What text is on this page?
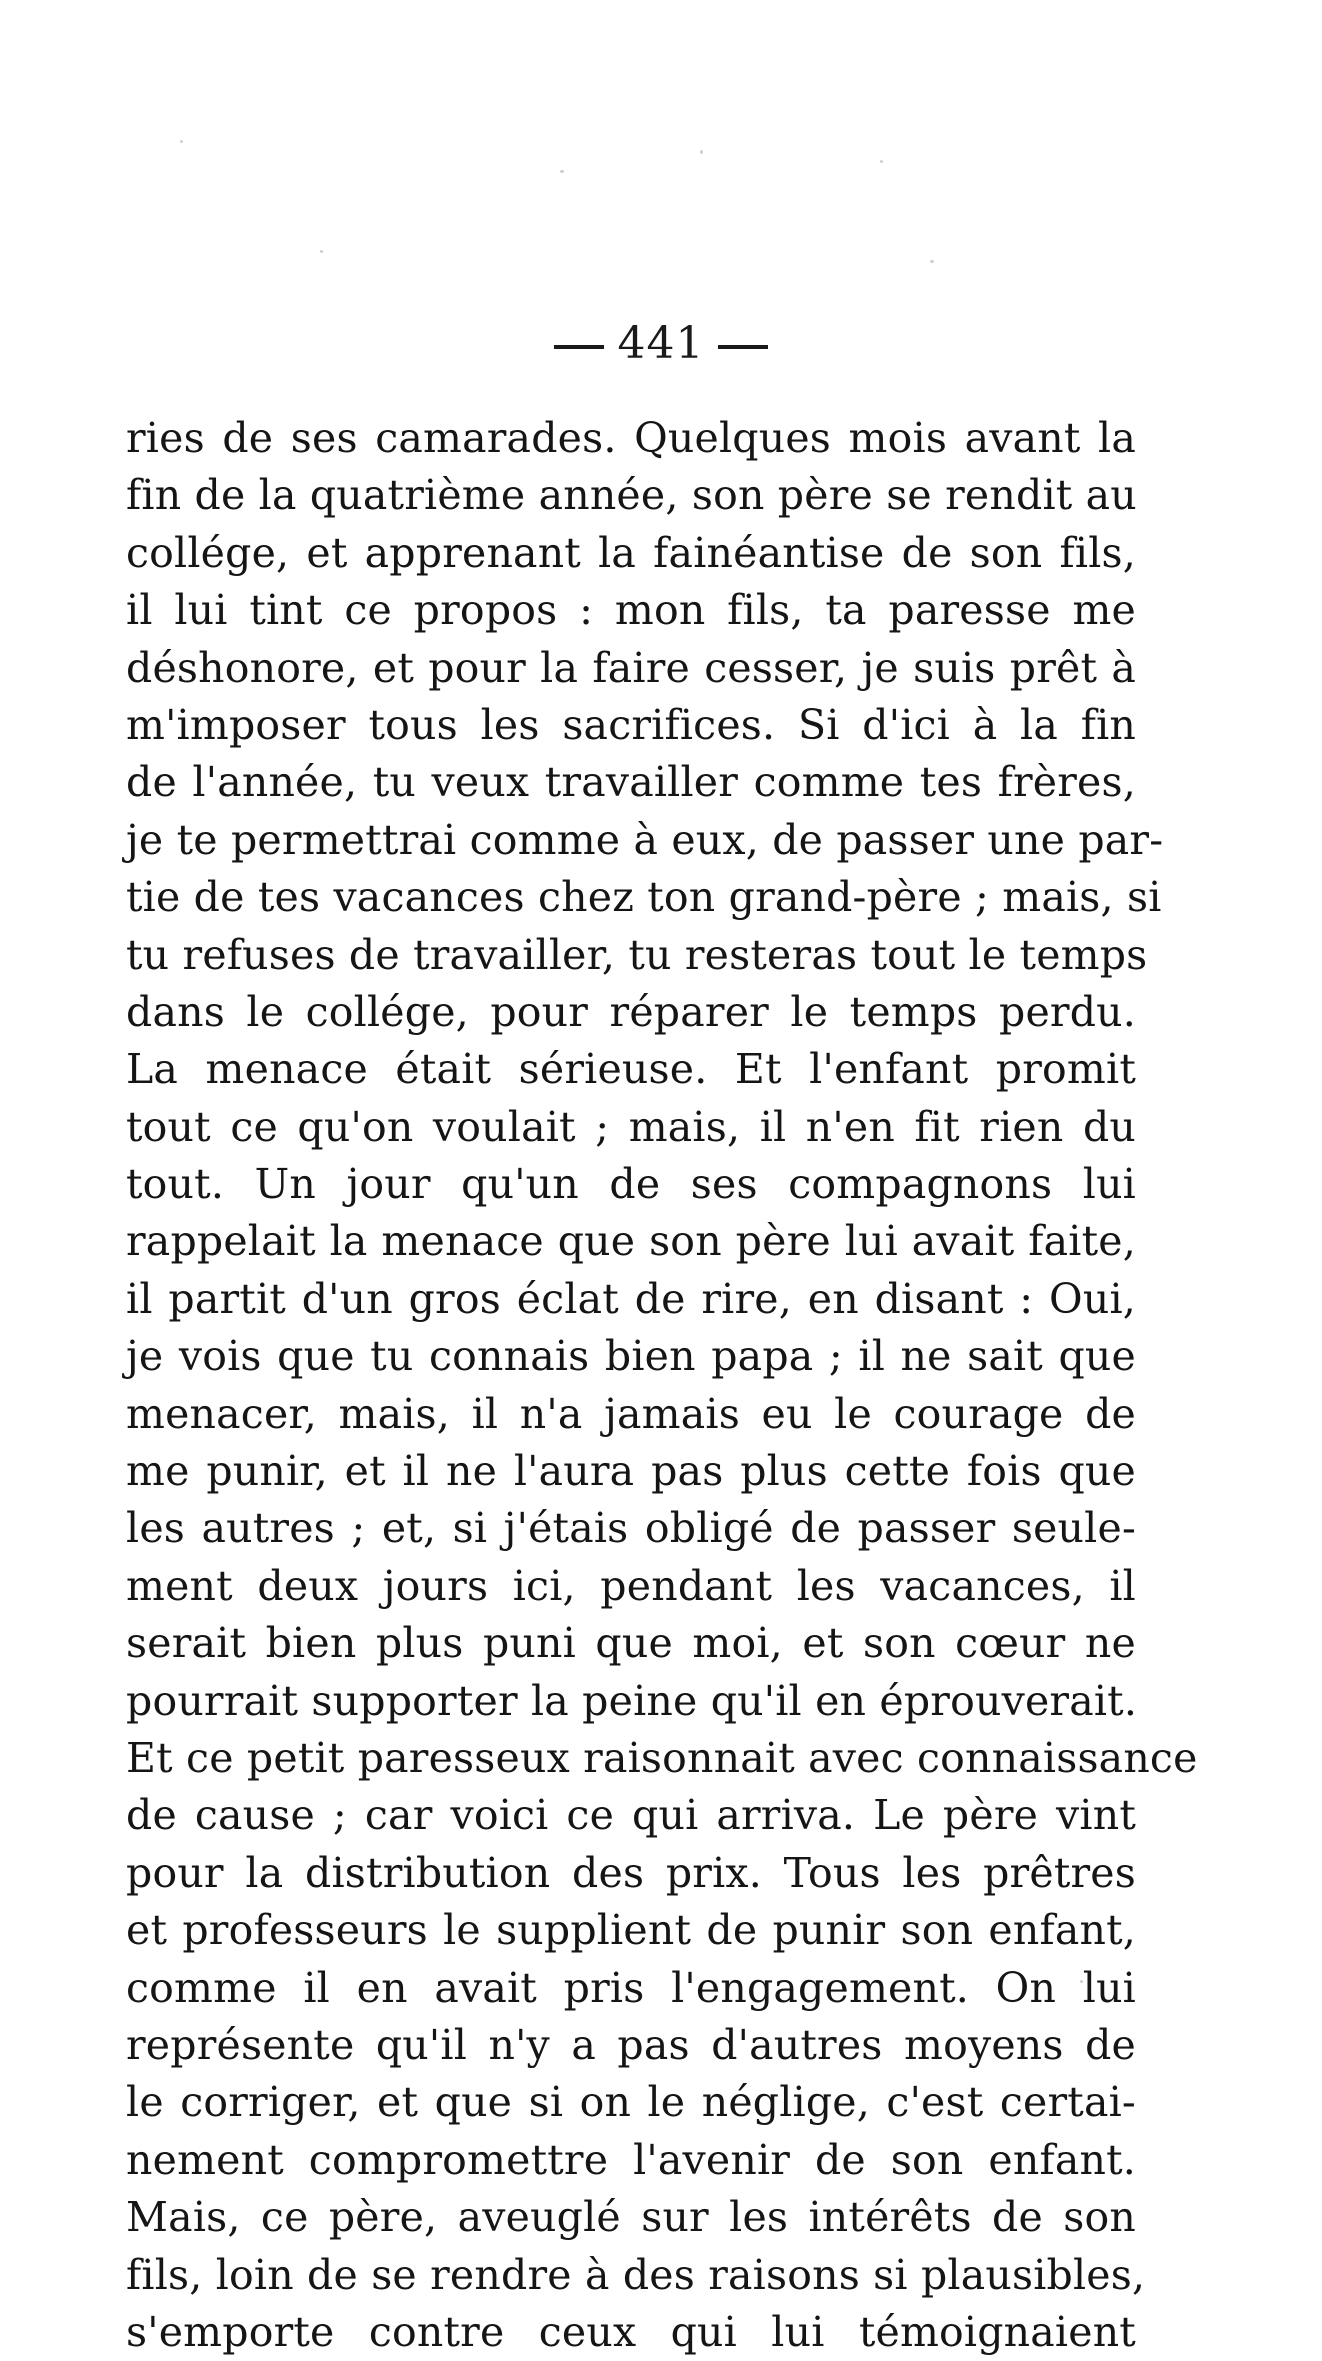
441
ries de ses camarades. Quelques mois avant la
fin de la quatrième année, son père se rendit au
collége, et apprenant la fainéantise de son fils,
il lui tint ce propos : mon fils, ta paresse me
déshonore, et pour la faire cesser, je suis prêt à
m'imposer tous les sacrifices. Si d'ici à la fin
de l'année, tu veux travailler comme tes frères,
je te permettrai comme à eux, de passer une par-
tie de tes vacances chez ton grand-père ; mais, si
tu refuses de travailler, tu resteras tout le temps
dans le collége, pour réparer le temps perdu.
La menace était sérieuse. Et l'enfant promit
tout ce qu'on voulait ; mais, il n'en fit rien du
tout. Un jour qu'un de ses compagnons lui
rappelait la menace que son père lui avait faite,
il partit d'un gros éclat de rire, en disant : Oui,
je vois que tu connais bien papa ; il ne sait que
menacer, mais, il n'a jamais eu le courage de
me punir, et il ne l'aura pas plus cette fois que
les autres ; et, si j'étais obligé de passer seule-
ment deux jours ici, pendant les vacances, il
serait bien plus puni que moi, et son cœur ne
pourrait supporter la peine qu'il en éprouverait.
Et ce petit paresseux raisonnait avec connaissance
de cause ; car voici ce qui arriva. Le père vint
pour la distribution des prix. Tous les prêtres
et professeurs le supplient de punir son enfant,
comme il en avait pris l'engagement. On lui
représente qu'il n'y a pas d'autres moyens de
le corriger, et que si on le néglige, c'est certai-
nement compromettre l'avenir de son enfant.
Mais, ce père, aveuglé sur les intérêts de son
fils, loin de se rendre à des raisons si plausibles,
s'emporte contre ceux qui lui témoignaient
